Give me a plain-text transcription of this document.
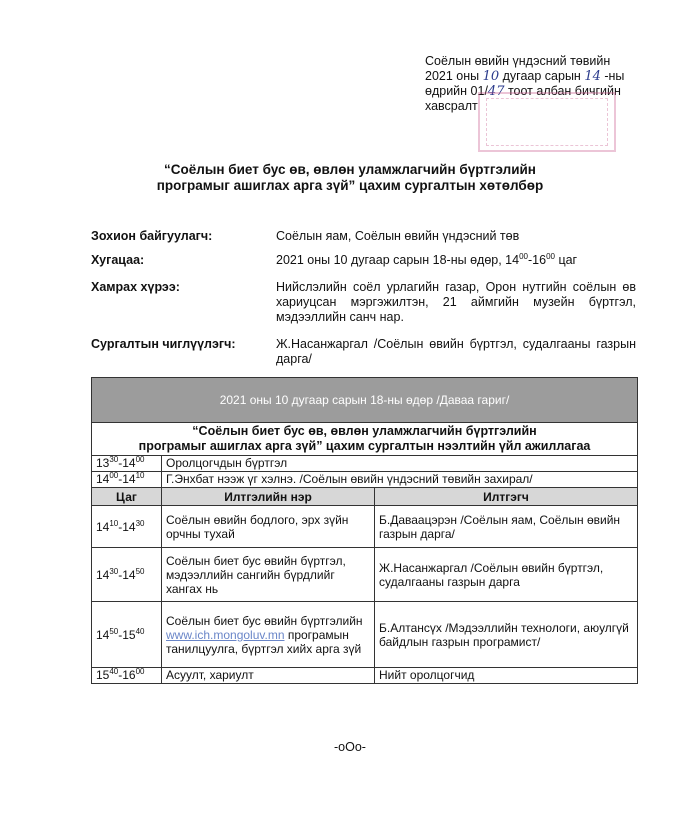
Соёлын өвийн үндэсний төвийн
2021 оны 10 дугаар сарын 14 -ны
өдрийн 01/47 тоот албан бичгийн
хавсралт
“Соёлын биет бус өв, өвлөн уламжлагчийн бүртгэлийн
програмыг ашиглах арга зүй” цахим сургалтын хөтөлбөр
Зохион байгуулагч:	Соёлын яам, Соёлын өвийн үндэсний төв
Хугацаа:	2021 оны 10 дугаар сарын 18-ны өдөр, $14^{00}-16^{00}$ цаг
Хамрах хүрээ:	Нийслэлийн соёл урлагийн газар, Орон нутгийн соёлын өв хариуцсан мэргэжилтэн, 21 аймгийн музейн бүртгэл, мэдээллийн санч нар.
Сургалтын чиглүүлэгч:	Ж.Насанжаргал /Соёлын өвийн бүртгэл, судалгааны газрын дарга/
2021 оны 10 дугаар сарын 18-ны өдөр /Даваа гариг/		

“Соёлын биет бус өв, өвлөн уламжлагчийн бүртгэлийн
програмыг ашиглах арга зүй” цахим сургалтын нээлтийн үйл ажиллагаа		

$13^{30}-14^{00}$	Оролцогчдын бүртгэл	
$14^{00}-14^{10}$	Г.Энхбат нээж үг хэлнэ. /Соёлын өвийн үндэсний төвийн захирал/	
Цаг	Илтгэлийн нэр	Илтгэгч
$14^{10}-14^{30}$	Соёлын өвийн бодлого, эрх зүйн орчны тухай	Б.Даваацэрэн /Соёлын яам, Соёлын өвийн газрын дарга/
$14^{30}-14^{50}$	Соёлын биет бус өвийн бүртгэл, мэдээллийн сангийн бүрдлийг хангах нь	Ж.Насанжаргал /Соёлын өвийн бүртгэл, судалгааны газрын дарга
$14^{50}-15^{40}$	Соёлын биет бус өвийн бүртгэлийн www.ich.mongoluv.mn програмын танилцуулга, бүртгэл хийх арга зүй	Б.Алтансүх /Мэдээллийн технологи, аюулгүй байдлын газрын програмист/
$15^{40}-16^{00}$	Асуулт, хариулт	Нийт оролцогчид
-оОо-
